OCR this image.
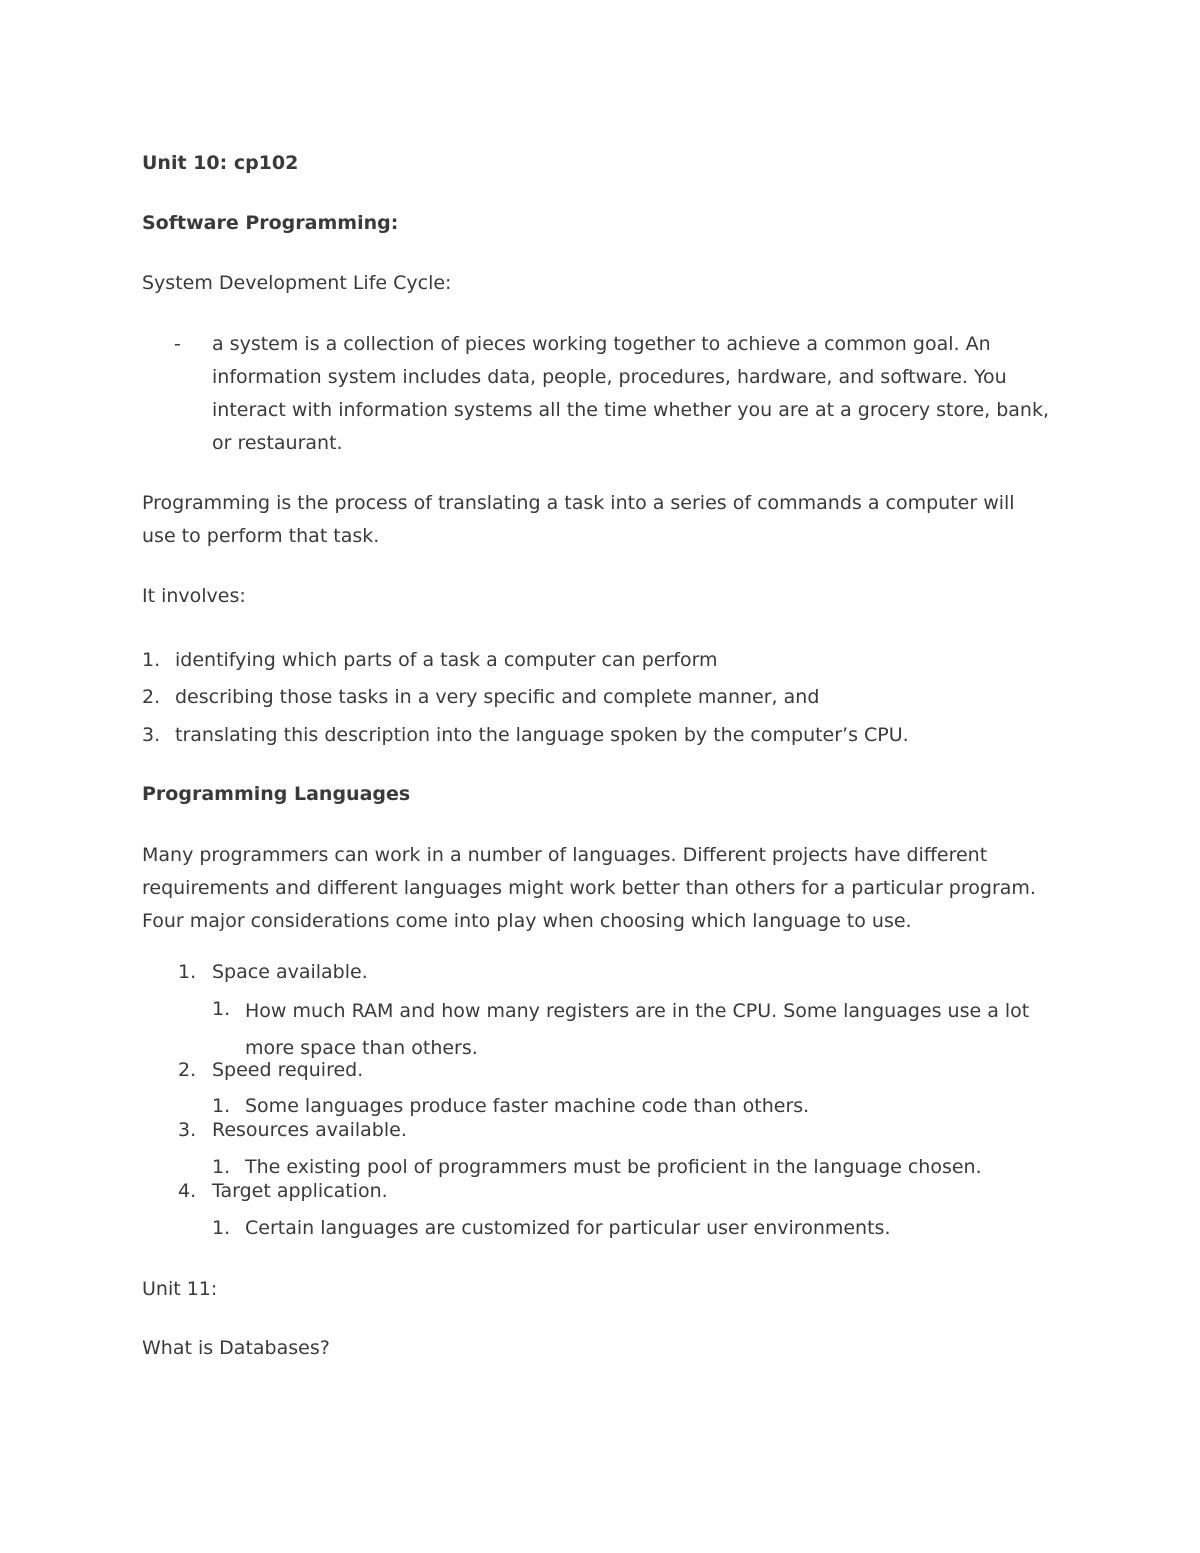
Unit 10: cp102
Software Programming:
System Development Life Cycle:
- a system is a collection of pieces working together to achieve a common goal. An information system includes data, people, procedures, hardware, and software. You interact with information systems all the time whether you are at a grocery store, bank, or restaurant.
Programming is the process of translating a task into a series of commands a computer will use to perform that task.
It involves:
1. identifying which parts of a task a computer can perform
2. describing those tasks in a very specific and complete manner, and
3. translating this description into the language spoken by the computer’s CPU.
Programming Languages
Many programmers can work in a number of languages. Different projects have different requirements and different languages might work better than others for a particular program. Four major considerations come into play when choosing which language to use.
1. Space available.
1. How much RAM and how many registers are in the CPU. Some languages use a lot more space than others.
2. Speed required.
1. Some languages produce faster machine code than others.
3. Resources available.
1. The existing pool of programmers must be proficient in the language chosen.
4. Target application.
1. Certain languages are customized for particular user environments.
Unit 11:
What is Databases?
